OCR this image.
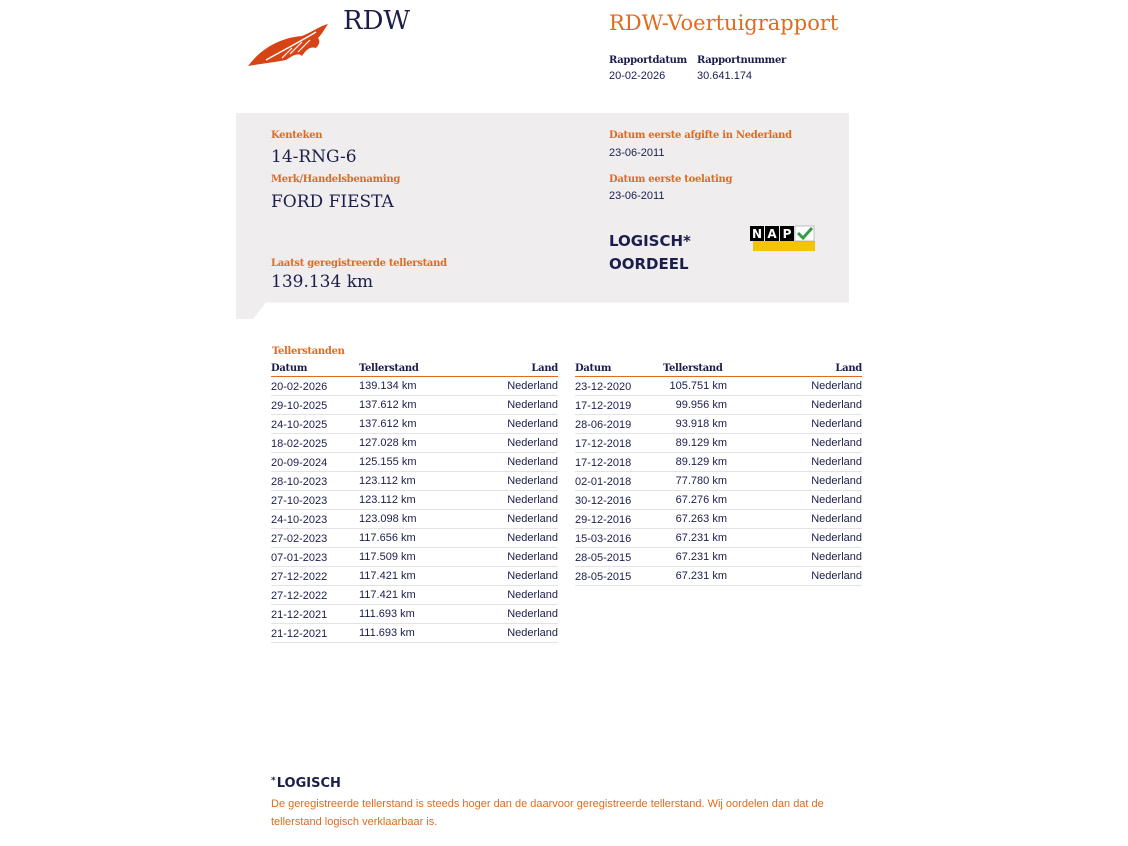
RDW	RDW-Voertuigrapport
Rapportdatum
20-02-2026
Rapportnummer
30.641.174
Kenteken
14-RNG-6
Merk/Handelsbenaming
FORD FIESTA
Laatst geregistreerde tellerstand
139.134 km
Datum eerste afgifte in Nederland
23-06-2011
Datum eerste toelating
23-06-2011
LOGISCH*
OORDEEL
N A P
Tellerstanden
Datum	Tellerstand	Land
20-02-2026	139.134 km	Nederland
29-10-2025	137.612 km	Nederland
24-10-2025	137.612 km	Nederland
18-02-2025	127.028 km	Nederland
20-09-2024	125.155 km	Nederland
28-10-2023	123.112 km	Nederland
27-10-2023	123.112 km	Nederland
24-10-2023	123.098 km	Nederland
27-02-2023	117.656 km	Nederland
07-01-2023	117.509 km	Nederland
27-12-2022	117.421 km	Nederland
27-12-2022	117.421 km	Nederland
21-12-2021	111.693 km	Nederland
21-12-2021	111.693 km	Nederland
Datum	Tellerstand	Land
23-12-2020	105.751 km	Nederland
17-12-2019	99.956 km	Nederland
28-06-2019	93.918 km	Nederland
17-12-2018	89.129 km	Nederland
17-12-2018	89.129 km	Nederland
02-01-2018	77.780 km	Nederland
30-12-2016	67.276 km	Nederland
29-12-2016	67.263 km	Nederland
15-03-2016	67.231 km	Nederland
28-05-2015	67.231 km	Nederland
28-05-2015	67.231 km	Nederland
*LOGISCH
De geregistreerde tellerstand is steeds hoger dan de daarvoor geregistreerde tellerstand. Wij oordelen dan dat de tellerstand logisch verklaarbaar is.
